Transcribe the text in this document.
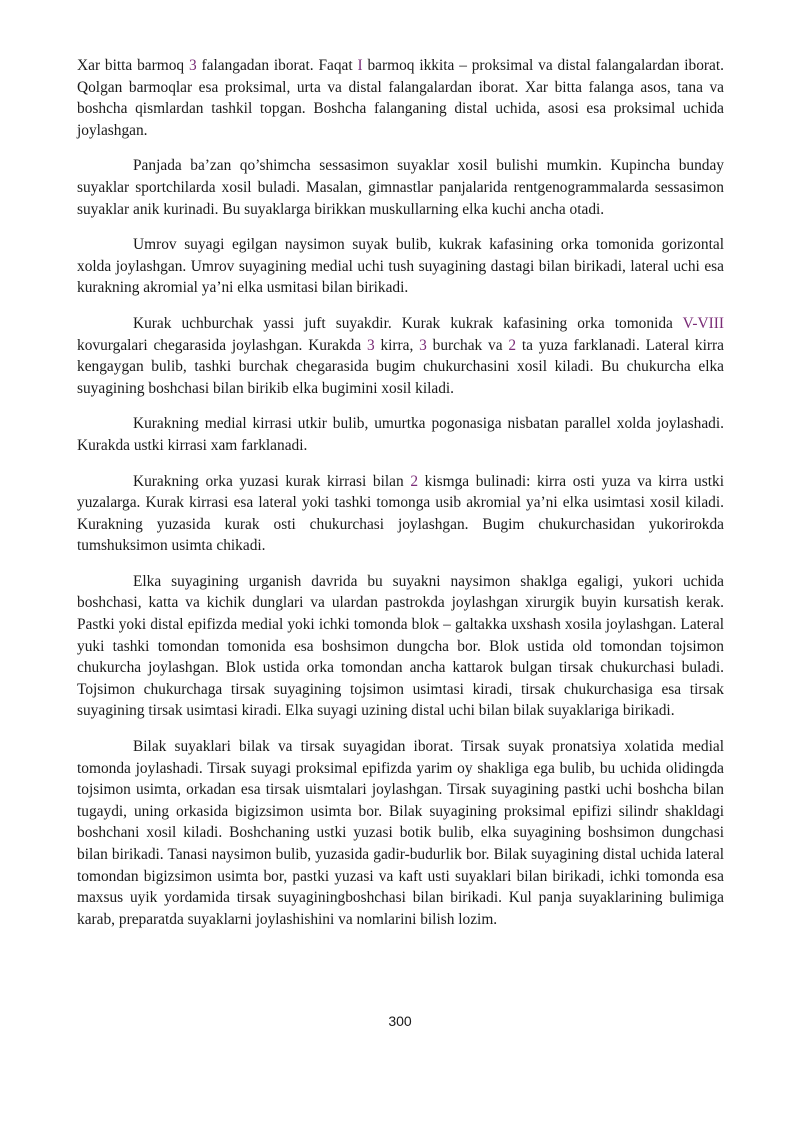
Xar bitta barmoq 3 falangadan iborat. Faqat I barmoq ikkita – proksimal va distal falangalardan iborat. Qolgan barmoqlar esa proksimal, urta va distal falangalardan iborat. Xar bitta falanga asos, tana va boshcha qismlardan tashkil topgan. Boshcha falanganing distal uchida, asosi esa proksimal uchida joylashgan.

Panjada ba’zan qo’shimcha sessasimon suyaklar xosil bulishi mumkin. Kupincha bunday suyaklar sportchilarda xosil buladi. Masalan, gimnastlar panjalarida rentgenogrammalarda sessasimon suyaklar anik kurinadi. Bu suyaklarga birikkan muskullarning elka kuchi ancha otadi.

Umrov suyagi egilgan naysimon suyak bulib, kukrak kafasining orka tomonida gorizontal xolda joylashgan. Umrov suyagining medial uchi tush suyagining dastagi bilan birikadi, lateral uchi esa kurakning akromial ya’ni elka usmitasi bilan birikadi.

Kurak uchburchak yassi juft suyakdir. Kurak kukrak kafasining orka tomonida V-VIII kovurgalari chegarasida joylashgan. Kurakda 3 kirra, 3 burchak va 2 ta yuza farklanadi. Lateral kirra kengaygan bulib, tashki burchak chegarasida bugim chukurchasini xosil kiladi. Bu chukurcha elka suyagining boshchasi bilan birikib elka bugimini xosil kiladi.

Kurakning medial kirrasi utkir bulib, umurtka pogonasiga nisbatan parallel xolda joylashadi. Kurakda ustki kirrasi xam farklanadi.

Kurakning orka yuzasi kurak kirrasi bilan 2 kismga bulinadi: kirra osti yuza va kirra ustki yuzalarga. Kurak kirrasi esa lateral yoki tashki tomonga usib akromial ya’ni elka usimtasi xosil kiladi. Kurakning yuzasida kurak osti chukurchasi joylashgan. Bugim chukurchasidan yukorirokda tumshuksimon usimta chikadi.

Elka suyagining urganish davrida bu suyakni naysimon shaklga egaligi, yukori uchida boshchasi, katta va kichik dunglari va ulardan pastrokda joylashgan xirurgik buyin kursatish kerak. Pastki yoki distal epifizda medial yoki ichki tomonda blok – galtakka uxshash xosila joylashgan. Lateral yuki tashki tomondan tomonida esa boshsimon dungcha bor. Blok ustida old tomondan tojsimon chukurcha joylashgan. Blok ustida orka tomondan ancha kattarok bulgan tirsak chukurchasi buladi. Tojsimon chukurchaga tirsak suyagining tojsimon usimtasi kiradi, tirsak chukurchasiga esa tirsak suyagining tirsak usimtasi kiradi. Elka suyagi uzining distal uchi bilan bilak suyaklariga birikadi.

Bilak suyaklari bilak va tirsak suyagidan iborat. Tirsak suyak pronatsiya xolatida medial tomonda joylashadi. Tirsak suyagi proksimal epifizda yarim oy shakliga ega bulib, bu uchida olidingda tojsimon usimta, orkadan esa tirsak uismtalari joylashgan. Tirsak suyagining pastki uchi boshcha bilan tugaydi, uning orkasida bigizsimon usimta bor. Bilak suyagining proksimal epifizi silindr shakldagi boshchani xosil kiladi. Boshchaning ustki yuzasi botik bulib, elka suyagining boshsimon dungchasi bilan birikadi. Tanasi naysimon bulib, yuzasida gadir-budurlik bor. Bilak suyagining distal uchida lateral tomondan bigizsimon usimta bor, pastki yuzasi va kaft usti suyaklari bilan birikadi, ichki tomonda esa maxsus uyik yordamida tirsak suyaginingboshchasi bilan birikadi. Kul panja suyaklarining bulimiga karab, preparatda suyaklarni joylashishini va nomlarini bilish lozim.

300
